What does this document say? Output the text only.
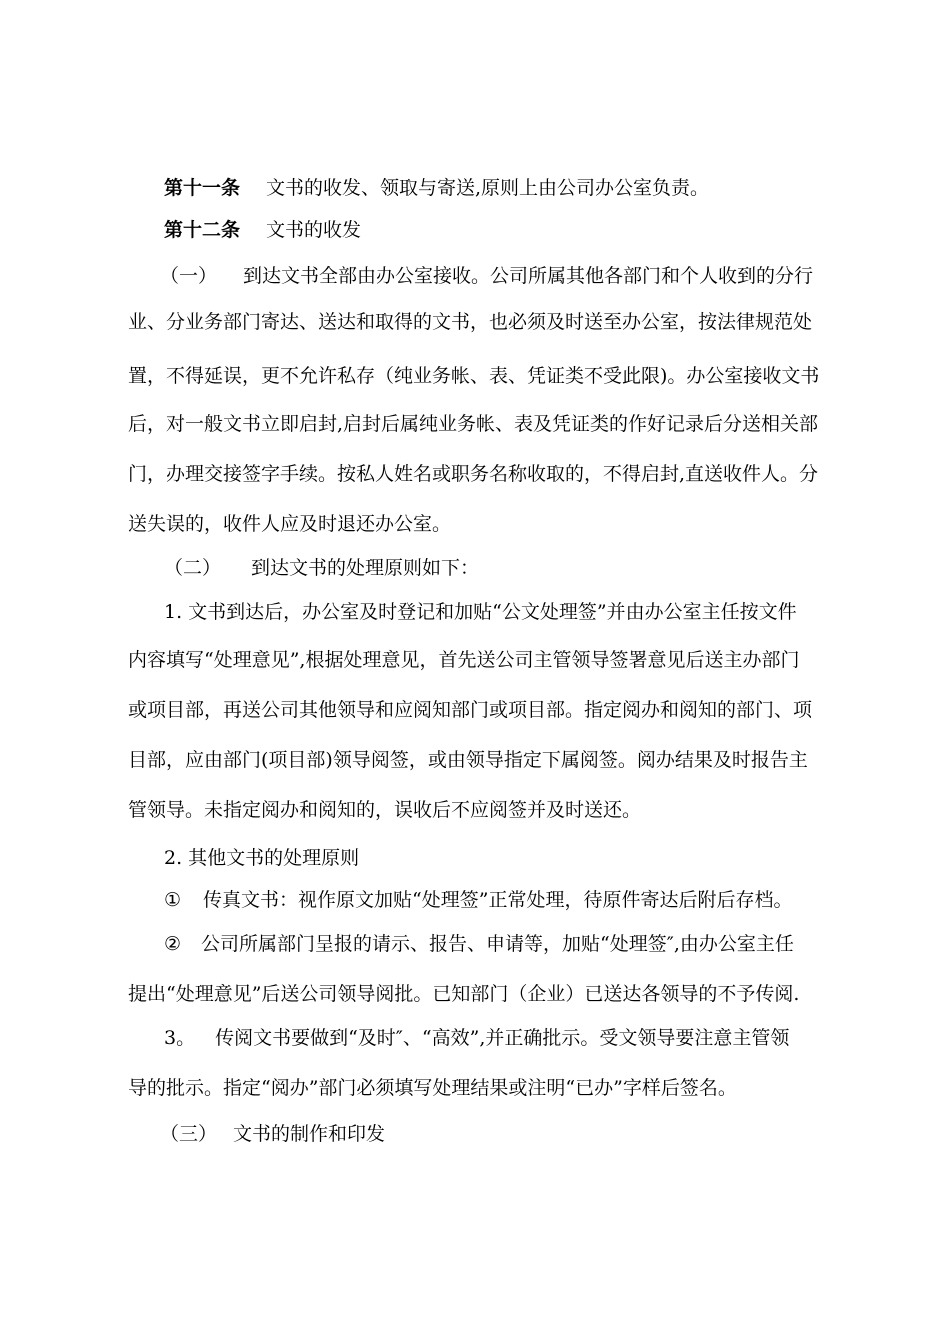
第十一条 文书的收发、领取与寄送,原则上由公司办公室负责。
第十二条 文书的收发
（一） 到达文书全部由办公室接收。公司所属其他各部门和个人收到的分行
业、分业务部门寄达、送达和取得的文书，也必须及时送至办公室，按法律规范处
置，不得延误，更不允许私存（纯业务帐、表、凭证类不受此限)。办公室接收文书
后，对一般文书立即启封,启封后属纯业务帐、表及凭证类的作好记录后分送相关部
门，办理交接签字手续。按私人姓名或职务名称收取的，不得启封,直送收件人。分
送失误的，收件人应及时退还办公室。
（二） 到达文书的处理原则如下：
1. 文书到达后，办公室及时登记和加贴“公文处理签”并由办公室主任按文件
内容填写“处理意见”,根据处理意见，首先送公司主管领导签署意见后送主办部门
或项目部，再送公司其他领导和应阅知部门或项目部。指定阅办和阅知的部门、项
目部，应由部门(项目部)领导阅签，或由领导指定下属阅签。阅办结果及时报告主
管领导。未指定阅办和阅知的，误收后不应阅签并及时送还。
2. 其他文书的处理原则
① 传真文书：视作原文加贴“处理签”正常处理，待原件寄达后附后存档。
② 公司所属部门呈报的请示、报告、申请等，加贴“处理签″,由办公室主任
提出“处理意见”后送公司领导阅批。已知部门（企业）已送达各领导的不予传阅.
3。 传阅文书要做到“及时″、“高效”,并正确批示。受文领导要注意主管领
导的批示。指定“阅办”部门必须填写处理结果或注明“已办”字样后签名。
（三） 文书的制作和印发
